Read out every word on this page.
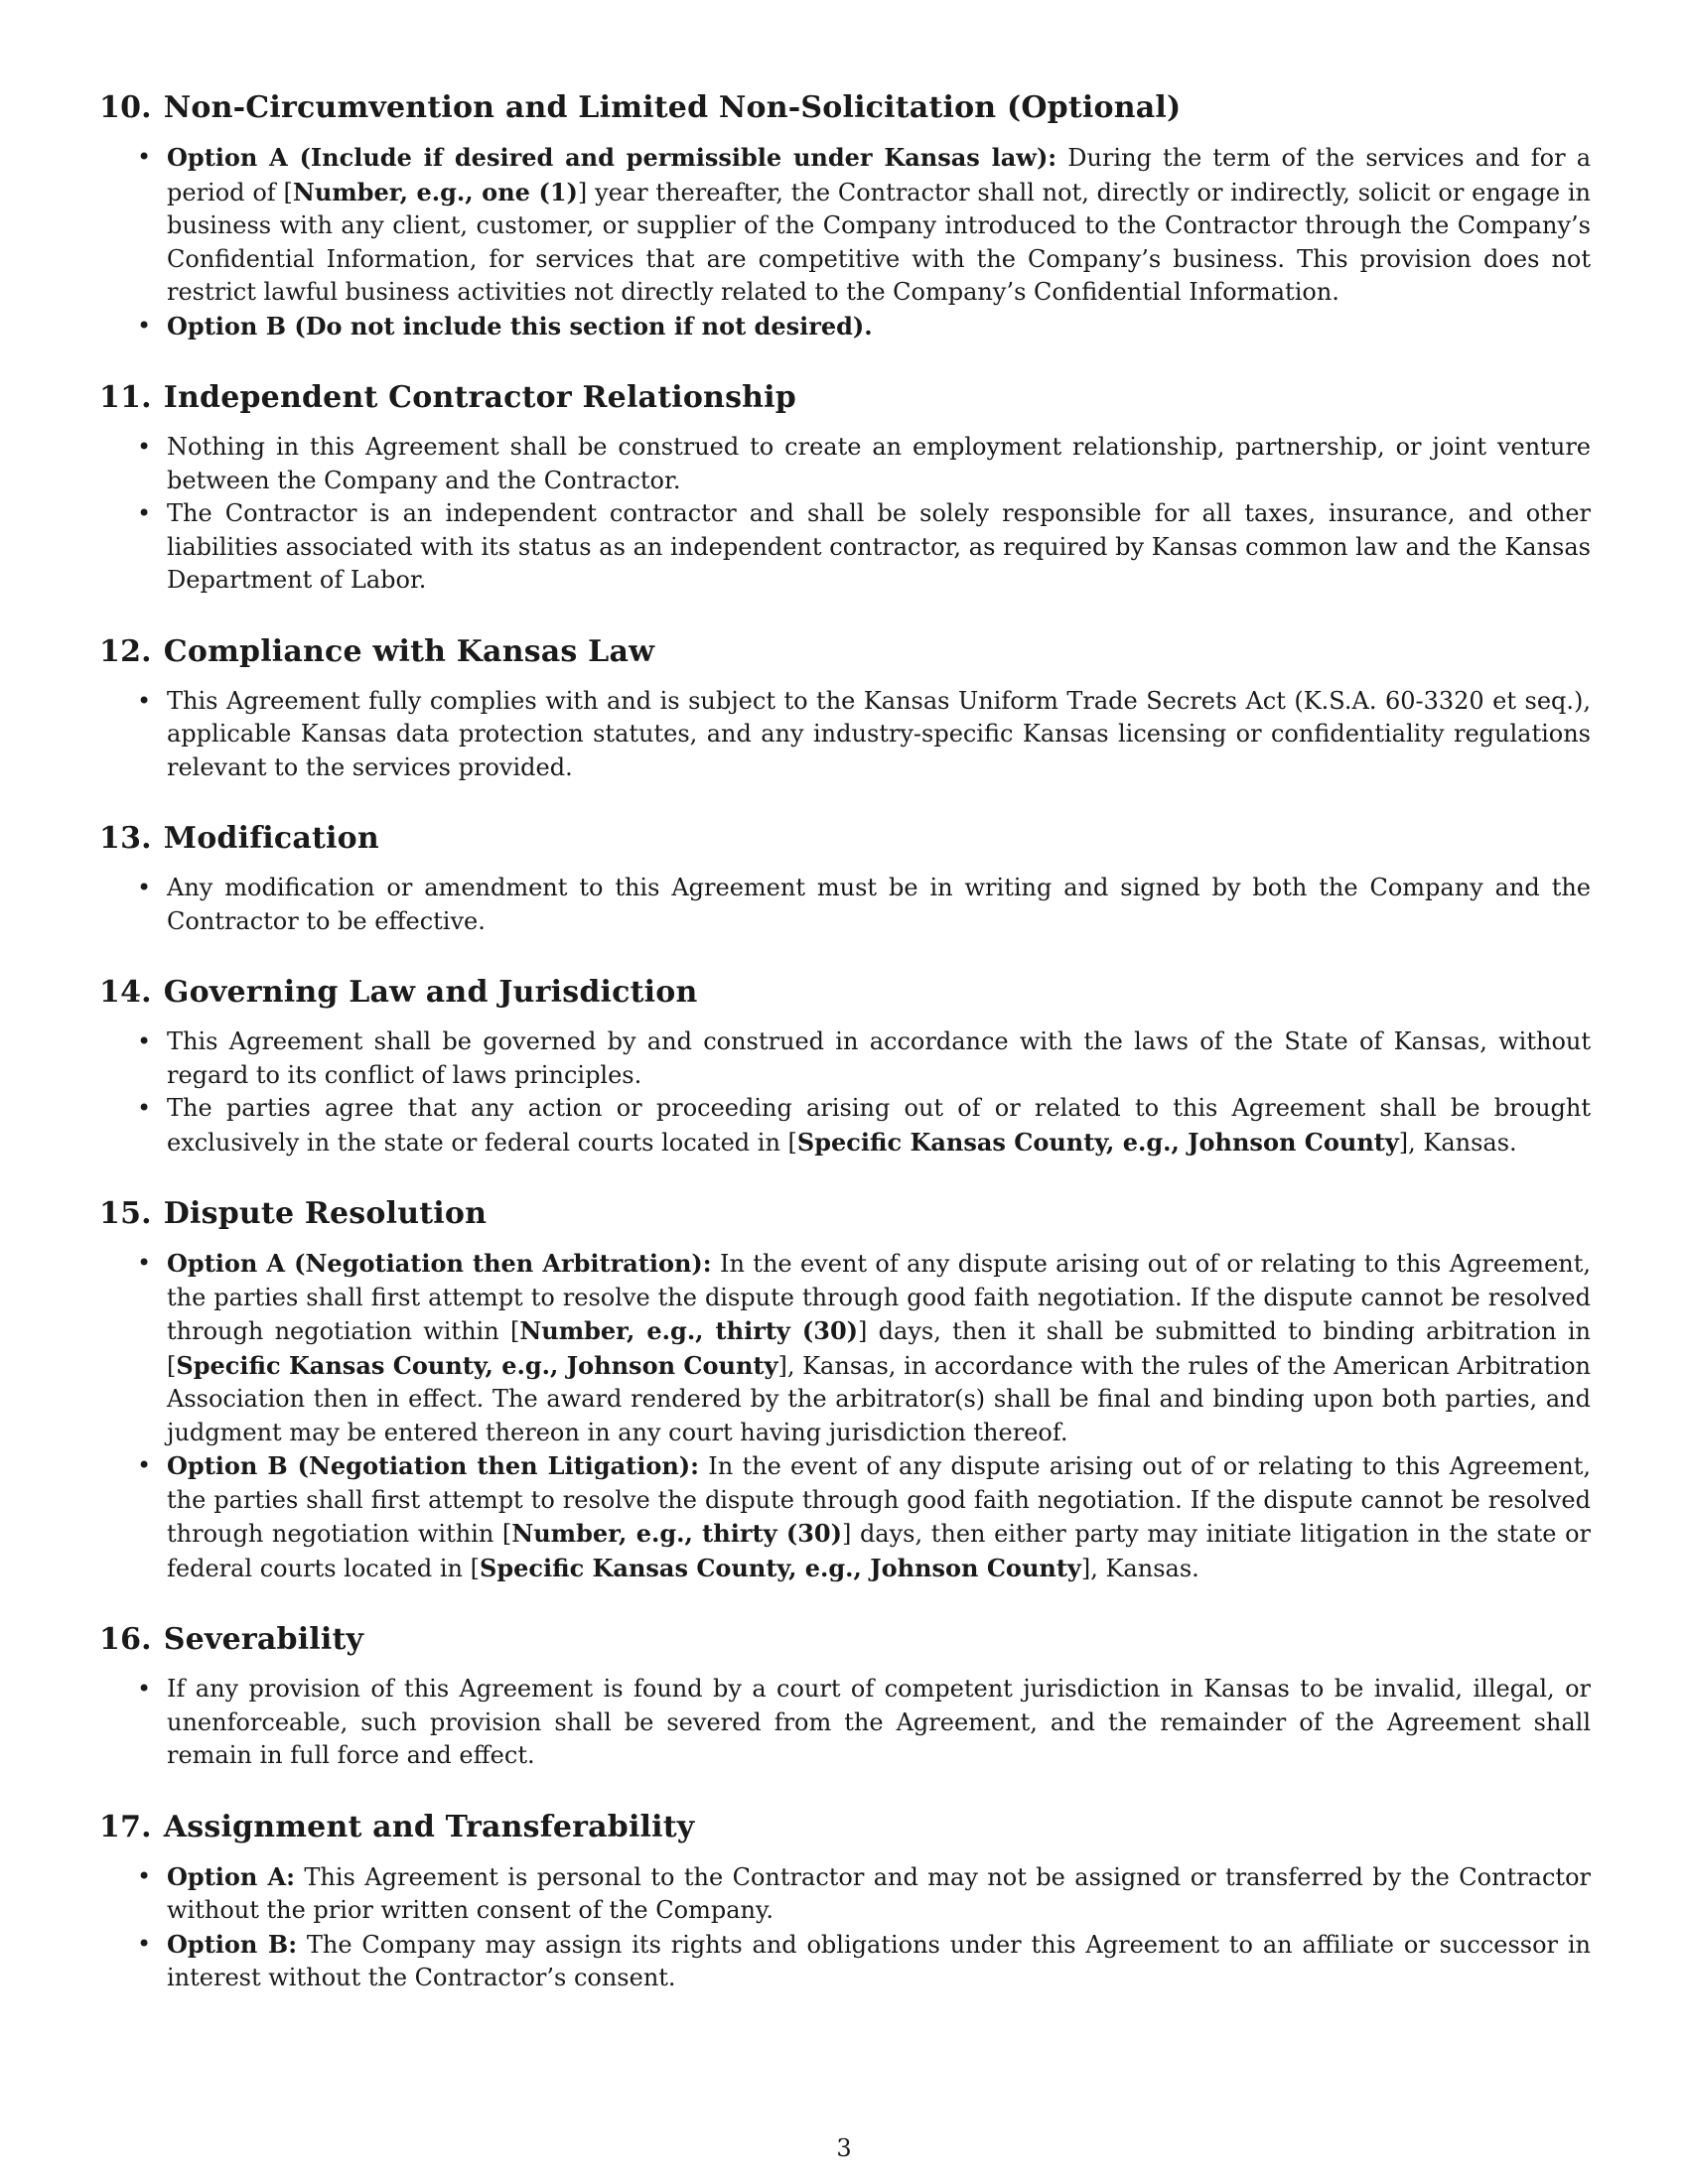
10. Non-Circumvention and Limited Non-Solicitation (Optional)
• Option A (Include if desired and permissible under Kansas law): During the term of the services and for a period of [Number, e.g., one (1)] year thereafter, the Contractor shall not, directly or indirectly, solicit or engage in business with any client, customer, or supplier of the Company introduced to the Contractor through the Company’s Confidential Information, for services that are competitive with the Company’s business. This provision does not restrict lawful business activities not directly related to the Company’s Confidential Information.
• Option B (Do not include this section if not desired).
11. Independent Contractor Relationship
• Nothing in this Agreement shall be construed to create an employment relationship, partnership, or joint venture between the Company and the Contractor.
• The Contractor is an independent contractor and shall be solely responsible for all taxes, insurance, and other liabilities associated with its status as an independent contractor, as required by Kansas common law and the Kansas Department of Labor.
12. Compliance with Kansas Law
• This Agreement fully complies with and is subject to the Kansas Uniform Trade Secrets Act (K.S.A. 60-3320 et seq.), applicable Kansas data protection statutes, and any industry-specific Kansas licensing or confidentiality regulations relevant to the services provided.
13. Modification
• Any modification or amendment to this Agreement must be in writing and signed by both the Company and the Contractor to be effective.
14. Governing Law and Jurisdiction
• This Agreement shall be governed by and construed in accordance with the laws of the State of Kansas, without regard to its conflict of laws principles.
• The parties agree that any action or proceeding arising out of or related to this Agreement shall be brought exclusively in the state or federal courts located in [Specific Kansas County, e.g., Johnson County], Kansas.
15. Dispute Resolution
• Option A (Negotiation then Arbitration): In the event of any dispute arising out of or relating to this Agreement, the parties shall first attempt to resolve the dispute through good faith negotiation. If the dispute cannot be resolved through negotiation within [Number, e.g., thirty (30)] days, then it shall be submitted to binding arbitration in [Specific Kansas County, e.g., Johnson County], Kansas, in accordance with the rules of the American Arbitration Association then in effect. The award rendered by the arbitrator(s) shall be final and binding upon both parties, and judgment may be entered thereon in any court having jurisdiction thereof.
• Option B (Negotiation then Litigation): In the event of any dispute arising out of or relating to this Agreement, the parties shall first attempt to resolve the dispute through good faith negotiation. If the dispute cannot be resolved through negotiation within [Number, e.g., thirty (30)] days, then either party may initiate litigation in the state or federal courts located in [Specific Kansas County, e.g., Johnson County], Kansas.
16. Severability
• If any provision of this Agreement is found by a court of competent jurisdiction in Kansas to be invalid, illegal, or unenforceable, such provision shall be severed from the Agreement, and the remainder of the Agreement shall remain in full force and effect.
17. Assignment and Transferability
• Option A: This Agreement is personal to the Contractor and may not be assigned or transferred by the Contractor without the prior written consent of the Company.
• Option B: The Company may assign its rights and obligations under this Agreement to an affiliate or successor in interest without the Contractor’s consent.
3
